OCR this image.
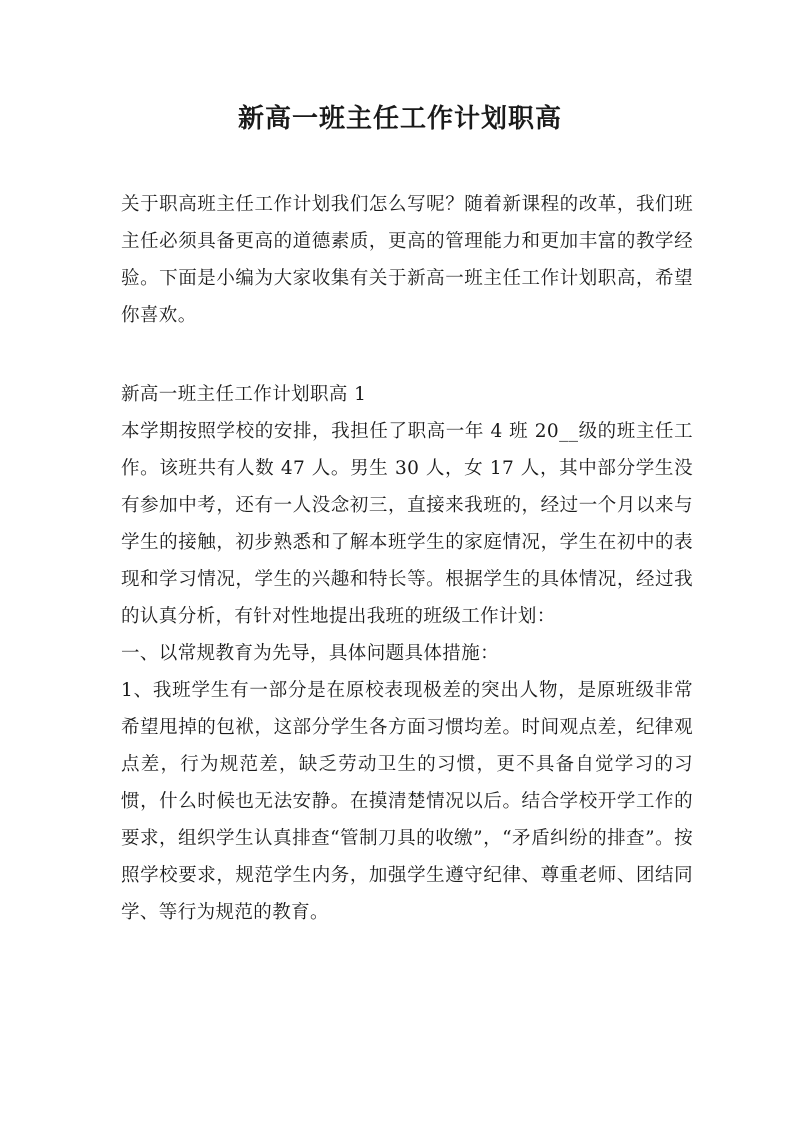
新高一班主任工作计划职高

关于职高班主任工作计划我们怎么写呢？随着新课程的改革，我们班主任必须具备更高的道德素质，更高的管理能力和更加丰富的教学经验。下面是小编为大家收集有关于新高一班主任工作计划职高，希望你喜欢。

新高一班主任工作计划职高 1

本学期按照学校的安排，我担任了职高一年 4 班 20__级的班主任工作。该班共有人数 47 人。男生 30 人，女 17 人，其中部分学生没有参加中考，还有一人没念初三，直接来我班的，经过一个月以来与学生的接触，初步熟悉和了解本班学生的家庭情况，学生在初中的表现和学习情况，学生的兴趣和特长等。根据学生的具体情况，经过我的认真分析，有针对性地提出我班的班级工作计划：

一、以常规教育为先导，具体问题具体措施：

1、我班学生有一部分是在原校表现极差的突出人物，是原班级非常希望甩掉的包袱，这部分学生各方面习惯均差。时间观点差，纪律观点差，行为规范差，缺乏劳动卫生的习惯，更不具备自觉学习的习惯，什么时候也无法安静。在摸清楚情况以后。结合学校开学工作的要求，组织学生认真排查“管制刀具的收缴”，“矛盾纠纷的排查”。按照学校要求，规范学生内务，加强学生遵守纪律、尊重老师、团结同学、等行为规范的教育。
